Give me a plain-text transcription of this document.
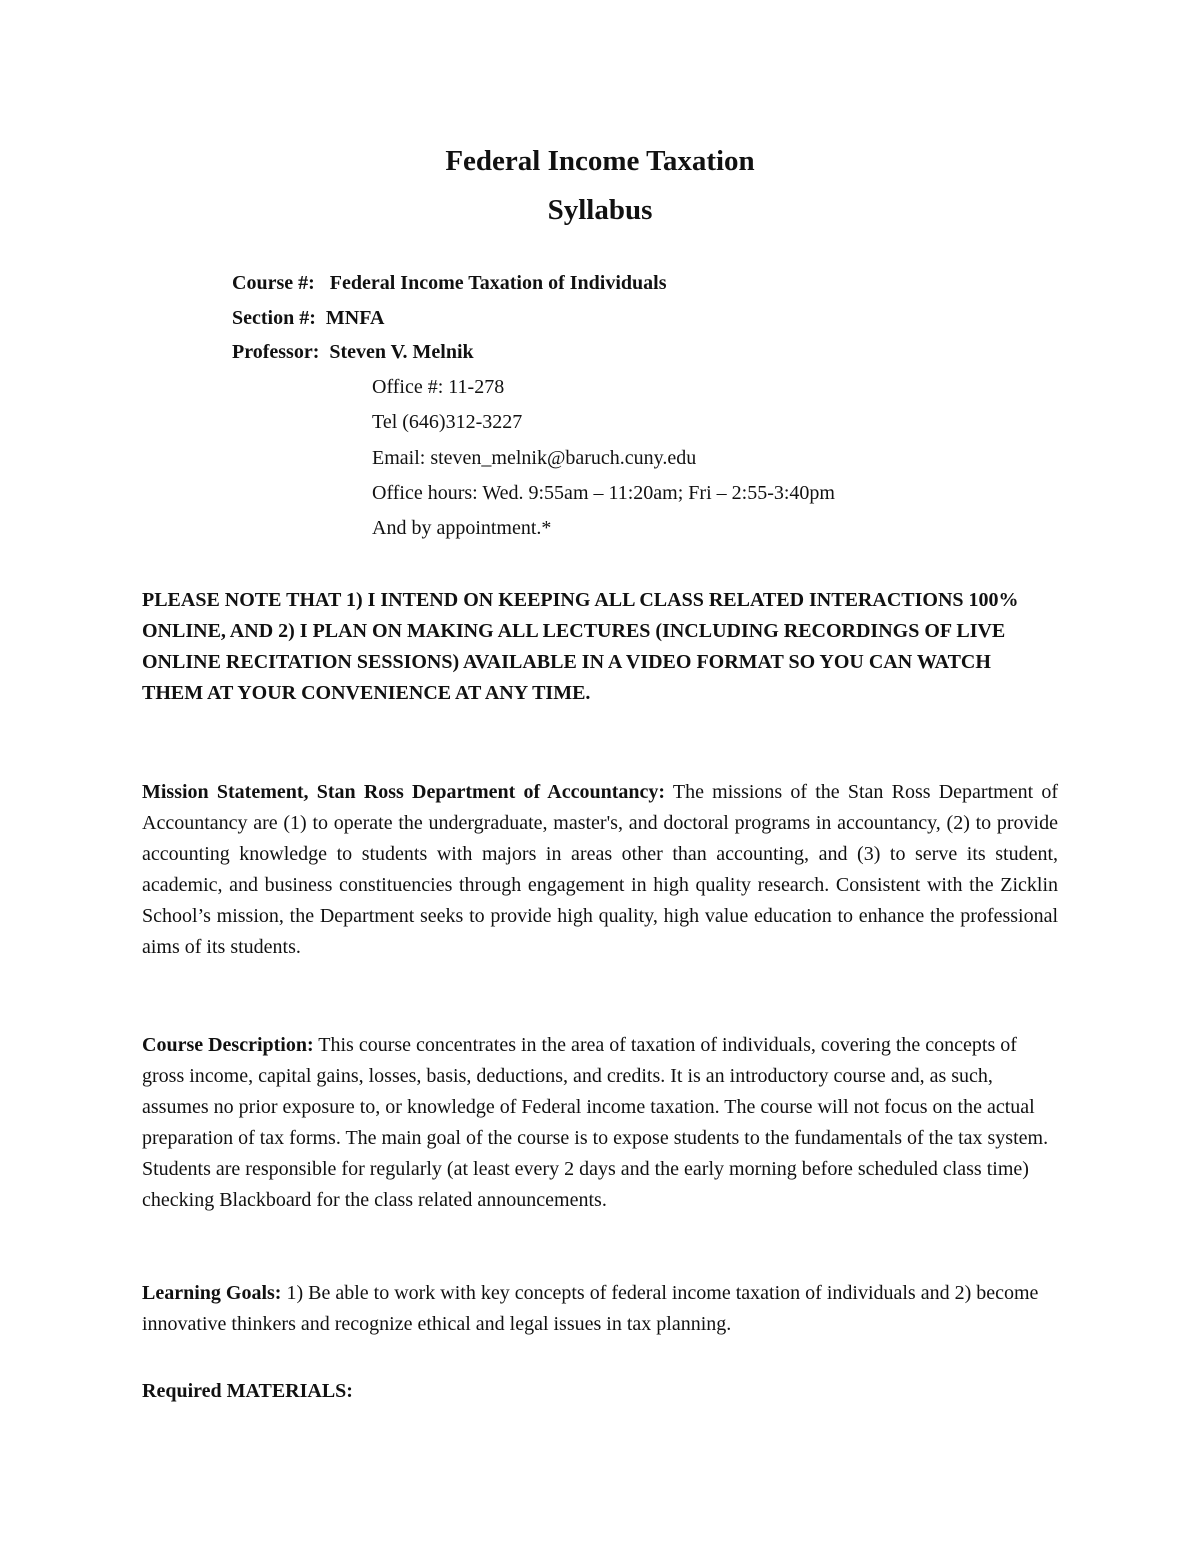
Federal Income Taxation
Syllabus
Course #: Federal Income Taxation of Individuals
Section #: MNFA
Professor: Steven V. Melnik
Office #: 11-278
Tel (646)312-3227
Email: steven_melnik@baruch.cuny.edu
Office hours: Wed. 9:55am – 11:20am; Fri – 2:55-3:40pm
And by appointment.*
PLEASE NOTE THAT 1) I INTEND ON KEEPING ALL CLASS RELATED INTERACTIONS 100% ONLINE, AND 2) I PLAN ON MAKING ALL LECTURES (INCLUDING RECORDINGS OF LIVE ONLINE RECITATION SESSIONS) AVAILABLE IN A VIDEO FORMAT SO YOU CAN WATCH THEM AT YOUR CONVENIENCE AT ANY TIME.
Mission Statement, Stan Ross Department of Accountancy: The missions of the Stan Ross Department of Accountancy are (1) to operate the undergraduate, master's, and doctoral programs in accountancy, (2) to provide accounting knowledge to students with majors in areas other than accounting, and (3) to serve its student, academic, and business constituencies through engagement in high quality research. Consistent with the Zicklin School’s mission, the Department seeks to provide high quality, high value education to enhance the professional aims of its students.
Course Description: This course concentrates in the area of taxation of individuals, covering the concepts of gross income, capital gains, losses, basis, deductions, and credits. It is an introductory course and, as such, assumes no prior exposure to, or knowledge of Federal income taxation. The course will not focus on the actual preparation of tax forms. The main goal of the course is to expose students to the fundamentals of the tax system. Students are responsible for regularly (at least every 2 days and the early morning before scheduled class time) checking Blackboard for the class related announcements.
Learning Goals: 1) Be able to work with key concepts of federal income taxation of individuals and 2) become innovative thinkers and recognize ethical and legal issues in tax planning.
Required MATERIALS:
